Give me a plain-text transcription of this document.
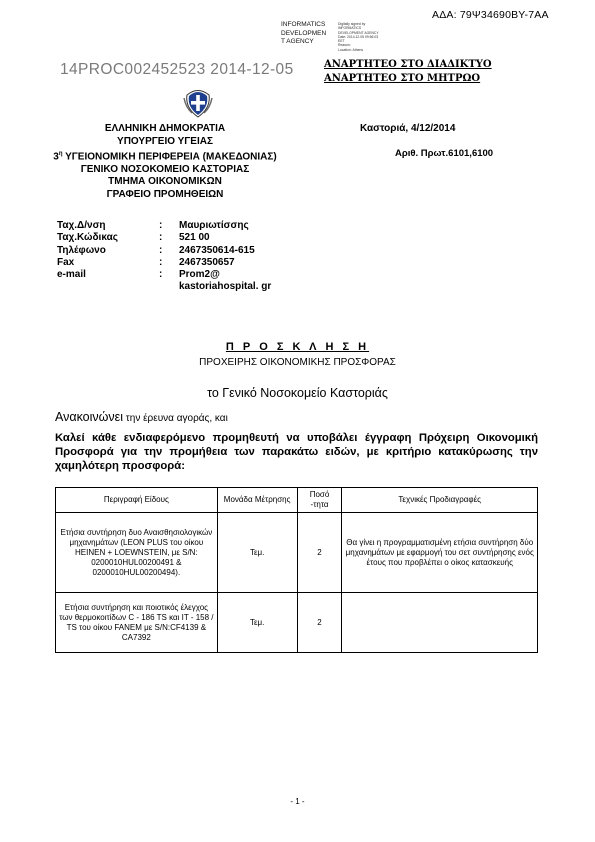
ΑΔΑ: 79Ψ34690ΒΥ-7ΑΑ
INFORMATICS
DEVELOPMEN
T AGENCY
Digitally signed by
INFORMATICS
DEVELOPMENT AGENCY
Date: 2014.12.05 09:56:03
EET
Reason:
Location: Athens
14PROC002452523 2014-12-05	ΑΝΑΡΤΗΤΕΟ ΣΤΟ ΔΙΑΔΙΚΤΥΟ
ΑΝΑΡΤΗΤΕΟ ΣΤΟ ΜΗΤΡΩΟ
ΕΛΛΗΝΙΚΗ ΔΗΜΟΚΡΑΤΙΑ
ΥΠΟΥΡΓΕΙΟ ΥΓΕΙΑΣ
$3^\eta$ ΥΓΕΙΟΝΟΜΙΚΗ ΠΕΡΙΦΕΡΕΙΑ (ΜΑΚΕΔΟΝΙΑΣ)
ΓΕΝΙΚΟ ΝΟΣΟΚΟΜΕΙΟ ΚΑΣΤΟΡΙΑΣ
ΤΜΗΜΑ ΟΙΚΟΝΟΜΙΚΩΝ
ΓΡΑΦΕΙΟ ΠΡΟΜΗΘΕΙΩΝ
Καστοριά, 4/12/2014
Αριθ. Πρωτ.6101,6100
Ταχ.Δ/νση	:	Μαυριωτίσσης
Ταχ.Κώδικας	:	521 00
Τηλέφωνο	:	2467350614-615
Fax	:	2467350657
e-mail	:	Prom2@ kastoriahospital. gr
Π Ρ Ο Σ Κ Λ Η Σ Η
ΠΡΟΧΕΙΡΗΣ ΟΙΚΟΝΟΜΙΚΗΣ ΠΡΟΣΦΟΡΑΣ
το Γενικό Νοσοκομείο Καστοριάς
Ανακοινώνει την έρευνα αγοράς, και
Καλεί κάθε ενδιαφερόμενο προμηθευτή να υποβάλει έγγραφη Πρόχειρη Οικονομική Προσφορά για την προμήθεια των παρακάτω ειδών, με κριτήριο κατακύρωσης την χαμηλότερη προσφορά:
Περιγραφή Είδους	Μονάδα Μέτρησης	Ποσό -τητα	Τεχνικές Προδιαγραφές
Ετήσια συντήρηση δυο Αναισθησιολογικών μηχανημάτων (LEON PLUS του οίκου HEINEN + LOEWNSTEIN, με S/N: 0200010HUL00200491 & 0200010HUL00200494).	Τεμ.	2	Θα γίνει η προγραμματισμένη ετήσια συντήρηση δύο μηχανημάτων με εφαρμογή του σετ συντήρησης ενός έτους που προβλέπει ο οίκος κατασκευής
Ετήσια συντήρηση και ποιοτικός έλεγχος των θερμοκοιτίδων C - 186 TS και IT - 158 / TS του οίκου FANEM με S/N:CF4139 & CA7392	Τεμ.	2	
- 1 -
